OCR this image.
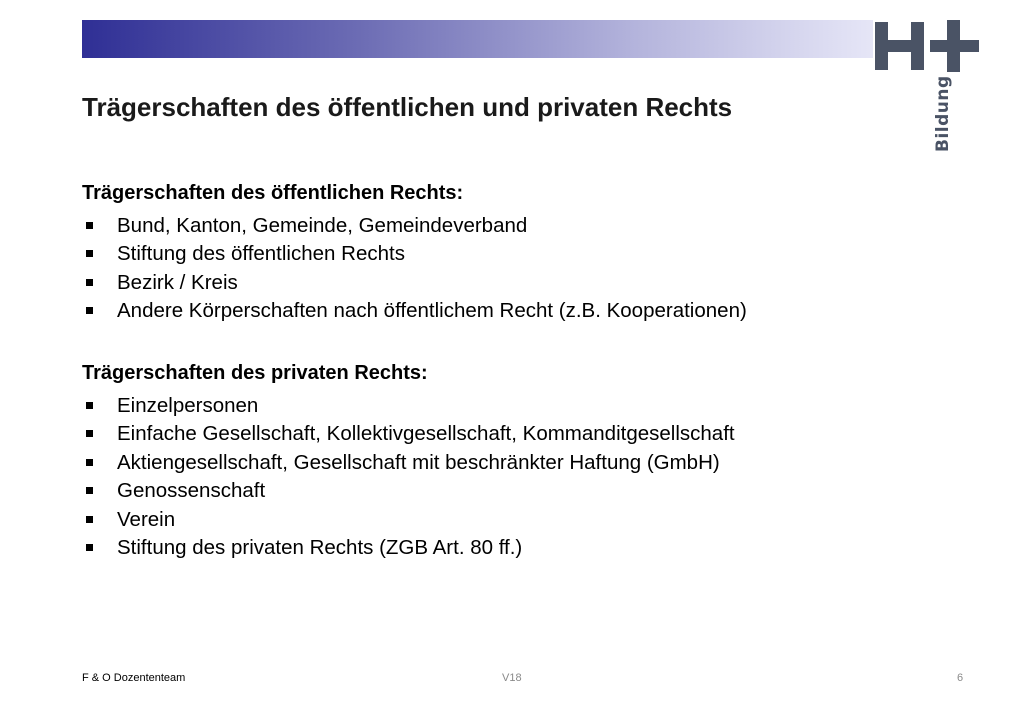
Bildung
Trägerschaften des öffentlichen und privaten Rechts
Trägerschaften des öffentlichen Rechts:
Bund, Kanton, Gemeinde, Gemeindeverband
Stiftung des öffentlichen Rechts
Bezirk / Kreis
Andere Körperschaften nach öffentlichem Recht (z.B. Kooperationen)
Trägerschaften des privaten Rechts:
Einzelpersonen
Einfache Gesellschaft, Kollektivgesellschaft, Kommanditgesellschaft
Aktiengesellschaft, Gesellschaft mit beschränkter Haftung (GmbH)
Genossenschaft
Verein
Stiftung des privaten Rechts (ZGB Art. 80 ff.)
F & O Dozententeam	V18	6
